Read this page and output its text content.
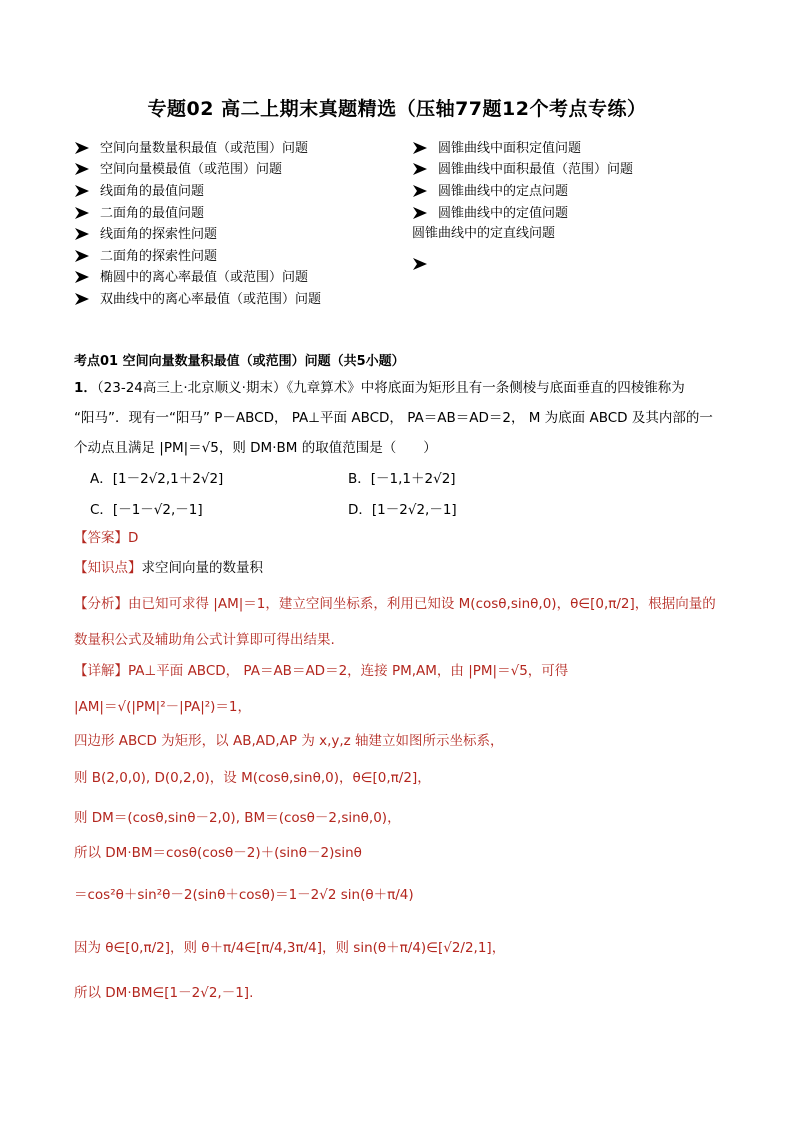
专题02 高二上期末真题精选（压轴77题12个考点专练）
空间向量数量积最值（或范围）问题
空间向量模最值（或范围）问题
线面角的最值问题
二面角的最值问题
线面角的探索性问题
二面角的探索性问题
椭圆中的离心率最值（或范围）问题
双曲线中的离心率最值（或范围）问题
圆锥曲线中面积定值问题
圆锥曲线中面积最值（范围）问题
圆锥曲线中的定点问题
圆锥曲线中的定值问题
圆锥曲线中的定直线问题
考点01 空间向量数量积最值（或范围）问题（共5小题）
1．（23-24高三上·北京顺义·期末）《九章算术》中将底面为矩形且有一条侧棱与底面垂直的四棱锥称为
“阳马”．现有一“阳马” P－ABCD， PA⊥平面 ABCD， PA＝AB＝AD＝2， M 为底面 ABCD 及其内部的一
个动点且满足 |PM|＝√5，则 DM·BM 的取值范围是（　　）
A．[1－2√2,1＋2√2]	B．[－1,1＋2√2]
C．[－1－√2,－1]	D．[1－2√2,－1]
【答案】D
【知识点】求空间向量的数量积
【分析】由已知可求得 |AM|＝1，建立空间坐标系，利用已知设 M(cosθ,sinθ,0)，θ∈[0,π/2]，根据向量的
数量积公式及辅助角公式计算即可得出结果.
【详解】PA⊥平面 ABCD， PA＝AB＝AD＝2，连接 PM,AM，由 |PM|＝√5，可得
|AM|＝√(|PM|²－|PA|²)＝1，
四边形 ABCD 为矩形，以 AB,AD,AP 为 x,y,z 轴建立如图所示坐标系，
则 B(2,0,0), D(0,2,0)，设 M(cosθ,sinθ,0)，θ∈[0,π/2]，
则 DM＝(cosθ,sinθ－2,0), BM＝(cosθ－2,sinθ,0)，
所以 DM·BM＝cosθ(cosθ－2)＋(sinθ－2)sinθ
＝cos²θ＋sin²θ－2(sinθ＋cosθ)＝1－2√2 sin(θ＋π/4)
因为 θ∈[0,π/2]，则 θ＋π/4∈[π/4,3π/4]，则 sin(θ＋π/4)∈[√2/2,1]，
所以 DM·BM∈[1－2√2,－1].
